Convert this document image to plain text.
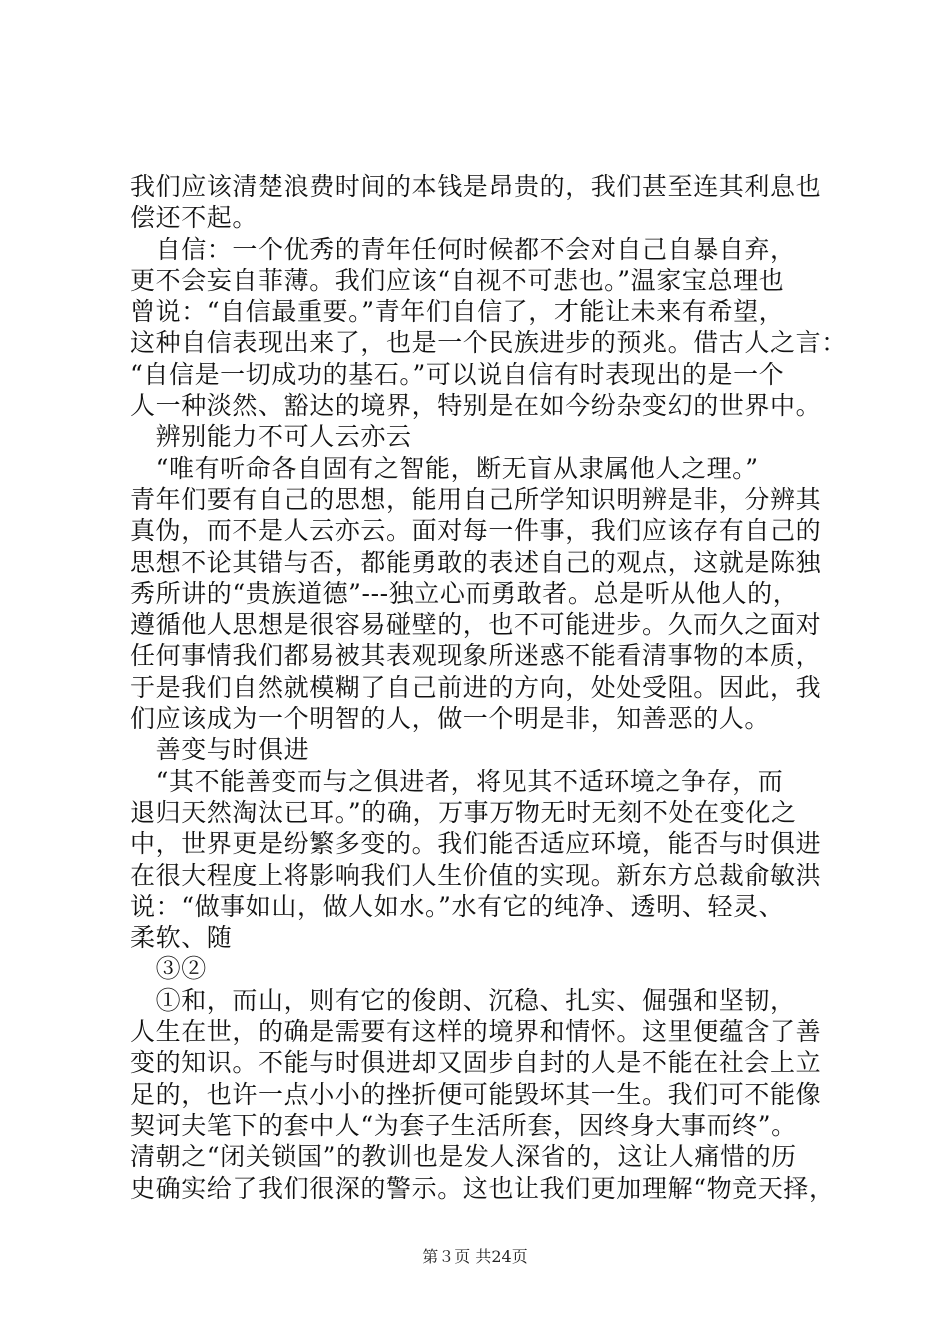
我们应该清楚浪费时间的本钱是昂贵的，我们甚至连其利息也
偿还不起。
　自信：一个优秀的青年任何时候都不会对自己自暴自弃，
更不会妄自菲薄。我们应该“自视不可悲也。”温家宝总理也
曾说：“自信最重要。”青年们自信了，才能让未来有希望，
这种自信表现出来了，也是一个民族进步的预兆。借古人之言：
“自信是一切成功的基石。”可以说自信有时表现出的是一个
人一种淡然、豁达的境界，特别是在如今纷杂变幻的世界中。
　辨别能力不可人云亦云
　“唯有听命各自固有之智能，断无盲从隶属他人之理。”
青年们要有自己的思想，能用自己所学知识明辨是非，分辨其
真伪，而不是人云亦云。面对每一件事，我们应该存有自己的
思想不论其错与否，都能勇敢的表述自己的观点，这就是陈独
秀所讲的“贵族道德”---独立心而勇敢者。总是听从他人的，
遵循他人思想是很容易碰壁的，也不可能进步。久而久之面对
任何事情我们都易被其表观现象所迷惑不能看清事物的本质，
于是我们自然就模糊了自己前进的方向，处处受阻。因此，我
们应该成为一个明智的人，做一个明是非，知善恶的人。
　善变与时俱进
　“其不能善变而与之俱进者，将见其不适环境之争存，而
退归天然淘汰已耳。”的确，万事万物无时无刻不处在变化之
中，世界更是纷繁多变的。我们能否适应环境，能否与时俱进
在很大程度上将影响我们人生价值的实现。新东方总裁俞敏洪
说：“做事如山，做人如水。”水有它的纯净、透明、轻灵、
柔软、随
　③②
　①和，而山，则有它的俊朗、沉稳、扎实、倔强和坚韧，
人生在世，的确是需要有这样的境界和情怀。这里便蕴含了善
变的知识。不能与时俱进却又固步自封的人是不能在社会上立
足的，也许一点小小的挫折便可能毁坏其一生。我们可不能像
契诃夫笔下的套中人“为套子生活所套，因终身大事而终”。
清朝之“闭关锁国”的教训也是发人深省的，这让人痛惜的历
史确实给了我们很深的警示。这也让我们更加理解“物竞天择，
第３页 共24页
